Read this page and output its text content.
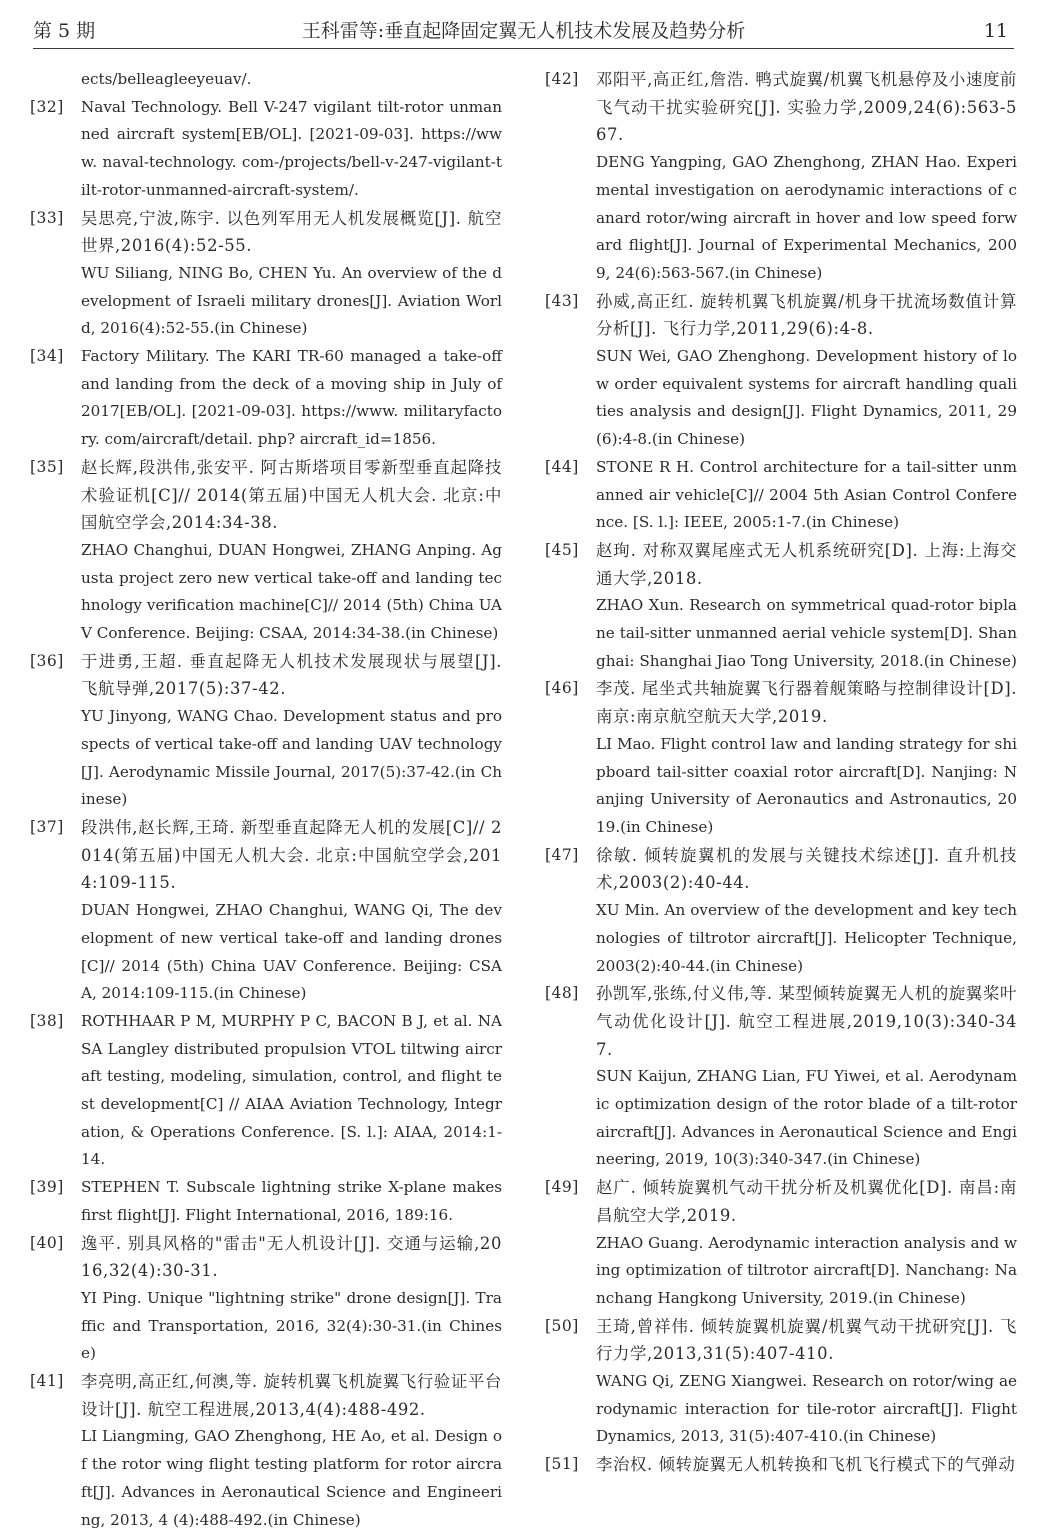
第 5 期	王科雷等:垂直起降固定翼无人机技术发展及趋势分析	11

ects/belleagleeyeuav/.

[32] Naval Technology. Bell V-247 vigilant tilt-rotor unmanned aircraft system[EB/OL]. [2021-09-03]. https://www. naval-technology. com-/projects/bell-v-247-vigilant-tilt-rotor-unmanned-aircraft-system/.

[33] 吴思亮,宁波,陈宇. 以色列军用无人机发展概览[J]. 航空世界,2016(4):52-55.

WU Siliang, NING Bo, CHEN Yu. An overview of the development of Israeli military drones[J]. Aviation World, 2016(4):52-55.(in Chinese)

[34] Factory Military. The KARI TR-60 managed a take-off and landing from the deck of a moving ship in July of 2017[EB/OL]. [2021-09-03]. https://www. militaryfactory. com/aircraft/detail. php? aircraft_id=1856.

[35] 赵长辉,段洪伟,张安平. 阿古斯塔项目零新型垂直起降技术验证机[C]// 2014(第五届)中国无人机大会. 北京:中国航空学会,2014:34-38.

ZHAO Changhui, DUAN Hongwei, ZHANG Anping. Agusta project zero new vertical take-off and landing technology verification machine[C]// 2014 (5th) China UAV Conference. Beijing: CSAA, 2014:34-38.(in Chinese)

[36] 于进勇,王超. 垂直起降无人机技术发展现状与展望[J]. 飞航导弹,2017(5):37-42.

YU Jinyong, WANG Chao. Development status and prospects of vertical take-off and landing UAV technology[J]. Aerodynamic Missile Journal, 2017(5):37-42.(in Chinese)

[37] 段洪伟,赵长辉,王琦. 新型垂直起降无人机的发展[C]// 2014(第五届)中国无人机大会. 北京:中国航空学会,2014:109-115.

DUAN Hongwei, ZHAO Changhui, WANG Qi, The development of new vertical take-off and landing drones[C]// 2014 (5th) China UAV Conference. Beijing: CSAA, 2014:109-115.(in Chinese)

[38] ROTHHAAR P M, MURPHY P C, BACON B J, et al. NASA Langley distributed propulsion VTOL tiltwing aircraft testing, modeling, simulation, control, and flight test development[C] // AIAA Aviation Technology, Integration, & Operations Conference. [S. l.]: AIAA, 2014:1-14.

[39] STEPHEN T. Subscale lightning strike X-plane makes first flight[J]. Flight International, 2016, 189:16.

[40] 逸平. 别具风格的"雷击"无人机设计[J]. 交通与运输,2016,32(4):30-31.

YI Ping. Unique "lightning strike" drone design[J]. Traffic and Transportation, 2016, 32(4):30-31.(in Chinese)

[41] 李亮明,高正红,何澳,等. 旋转机翼飞机旋翼飞行验证平台设计[J]. 航空工程进展,2013,4(4):488-492.

LI Liangming, GAO Zhenghong, HE Ao, et al. Design of the rotor wing flight testing platform for rotor aircraft[J]. Advances in Aeronautical Science and Engineering, 2013, 4 (4):488-492.(in Chinese)

[42] 邓阳平,高正红,詹浩. 鸭式旋翼/机翼飞机悬停及小速度前飞气动干扰实验研究[J]. 实验力学,2009,24(6):563-567.

DENG Yangping, GAO Zhenghong, ZHAN Hao. Experimental investigation on aerodynamic interactions of canard rotor/wing aircraft in hover and low speed forward flight[J]. Journal of Experimental Mechanics, 2009, 24(6):563-567.(in Chinese)

[43] 孙威,高正红. 旋转机翼飞机旋翼/机身干扰流场数值计算分析[J]. 飞行力学,2011,29(6):4-8.

SUN Wei, GAO Zhenghong. Development history of low order equivalent systems for aircraft handling qualities analysis and design[J]. Flight Dynamics, 2011, 29(6):4-8.(in Chinese)

[44] STONE R H. Control architecture for a tail-sitter unmanned air vehicle[C]// 2004 5th Asian Control Conference. [S. l.]: IEEE, 2005:1-7.(in Chinese)

[45] 赵珣. 对称双翼尾座式无人机系统研究[D]. 上海:上海交通大学,2018.

ZHAO Xun. Research on symmetrical quad-rotor biplane tail-sitter unmanned aerial vehicle system[D]. Shanghai: Shanghai Jiao Tong University, 2018.(in Chinese)

[46] 李茂. 尾坐式共轴旋翼飞行器着舰策略与控制律设计[D]. 南京:南京航空航天大学,2019.

LI Mao. Flight control law and landing strategy for shipboard tail-sitter coaxial rotor aircraft[D]. Nanjing: Nanjing University of Aeronautics and Astronautics, 2019.(in Chinese)

[47] 徐敏. 倾转旋翼机的发展与关键技术综述[J]. 直升机技术,2003(2):40-44.

XU Min. An overview of the development and key technologies of tiltrotor aircraft[J]. Helicopter Technique, 2003(2):40-44.(in Chinese)

[48] 孙凯军,张练,付义伟,等. 某型倾转旋翼无人机的旋翼桨叶气动优化设计[J]. 航空工程进展,2019,10(3):340-347.

SUN Kaijun, ZHANG Lian, FU Yiwei, et al. Aerodynamic optimization design of the rotor blade of a tilt-rotor aircraft[J]. Advances in Aeronautical Science and Engineering, 2019, 10(3):340-347.(in Chinese)

[49] 赵广. 倾转旋翼机气动干扰分析及机翼优化[D]. 南昌:南昌航空大学,2019.

ZHAO Guang. Aerodynamic interaction analysis and wing optimization of tiltrotor aircraft[D]. Nanchang: Nanchang Hangkong University, 2019.(in Chinese)

[50] 王琦,曾祥伟. 倾转旋翼机旋翼/机翼气动干扰研究[J]. 飞行力学,2013,31(5):407-410.

WANG Qi, ZENG Xiangwei. Research on rotor/wing aerodynamic interaction for tile-rotor aircraft[J]. Flight Dynamics, 2013, 31(5):407-410.(in Chinese)

[51] 李治权. 倾转旋翼无人机转换和飞机飞行模式下的气弹动
